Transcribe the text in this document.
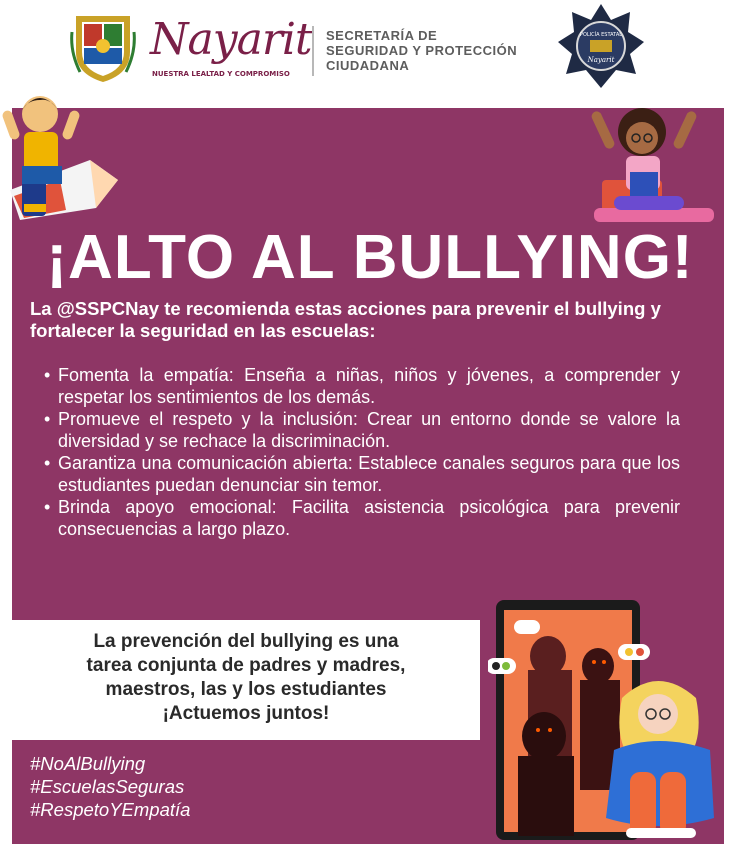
Nayarit
NUESTRA LEALTAD Y COMPROMISO
SECRETARÍA DE
SEGURIDAD Y PROTECCIÓN
CIUDADANA
POLICÍA ESTATAL
Nayarit
¡ALTO AL BULLYING!
La @SSPCNay te recomienda estas acciones para prevenir el bullying y fortalecer la seguridad en las escuelas:
• Fomenta la empatía: Enseña a niñas, niños y jóvenes, a comprender y respetar los sentimientos de los demás.
• Promueve el respeto y la inclusión: Crear un entorno donde se valore la diversidad y se rechace la discriminación.
• Garantiza una comunicación abierta: Establece canales seguros para que los estudiantes puedan denunciar sin temor.
• Brinda apoyo emocional: Facilita asistencia psicológica para prevenir consecuencias a largo plazo.
La prevención del bullying es una
tarea conjunta de padres y madres,
maestros, las y los estudiantes
¡Actuemos juntos!
#NoAlBullying
#EscuelasSeguras
#RespetoYEmpatía
